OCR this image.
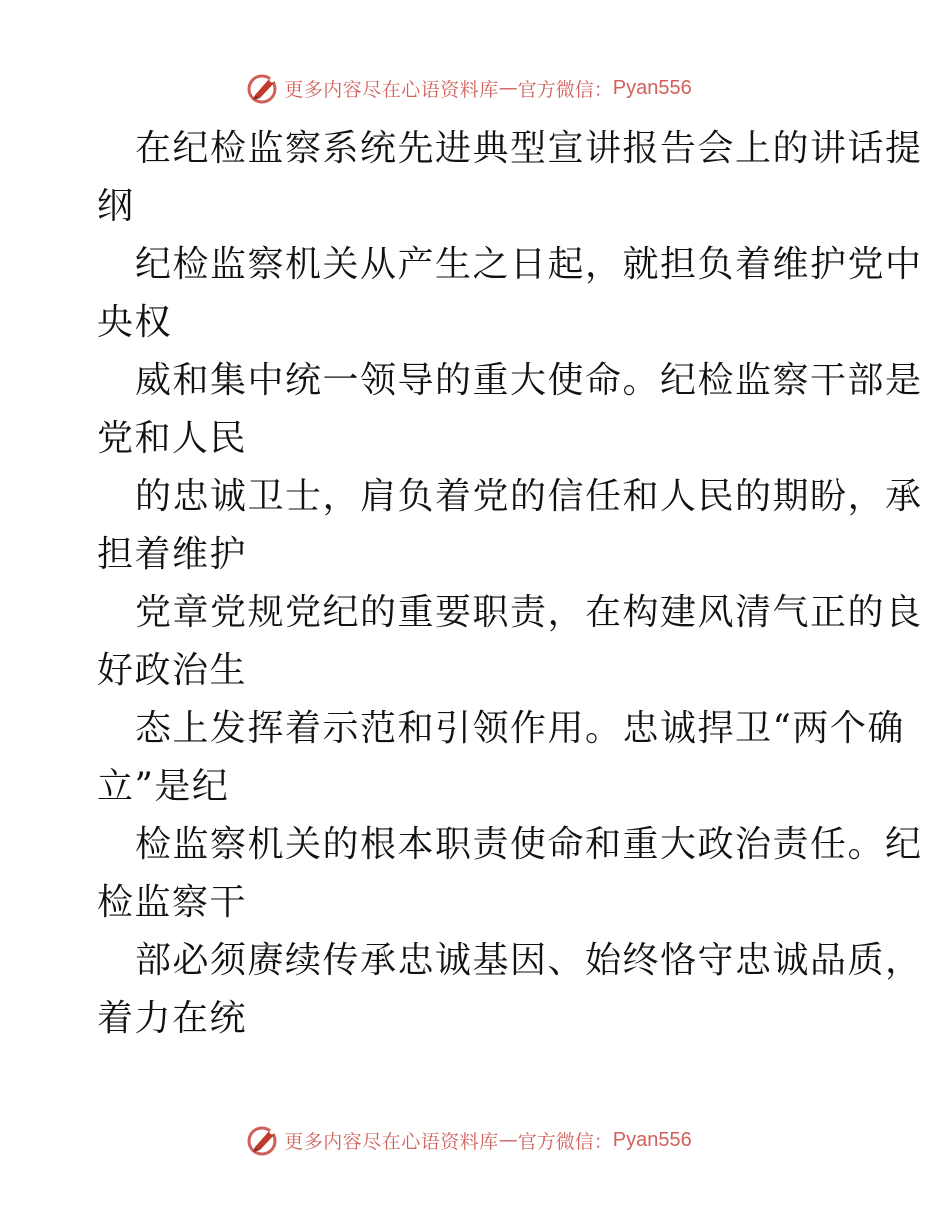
更多内容尽在心语资料库 — 官方微信： Pyan556
在纪检监察系统先进典型宣讲报告会上的讲话提
纲
纪检监察机关从产生之日起，就担负着维护党中
央权
威和集中统一领导的重大使命。纪检监察干部是
党和人民
的忠诚卫士，肩负着党的信任和人民的期盼，承
担着维护
党章党规党纪的重要职责，在构建风清气正的良
好政治生
态上发挥着示范和引领作用。忠诚捍卫“两个确
立”是纪
检监察机关的根本职责使命和重大政治责任。纪
检监察干
部必须赓续传承忠诚基因、始终恪守忠诚品质，
着力在统
更多内容尽在心语资料库 — 官方微信： Pyan556
